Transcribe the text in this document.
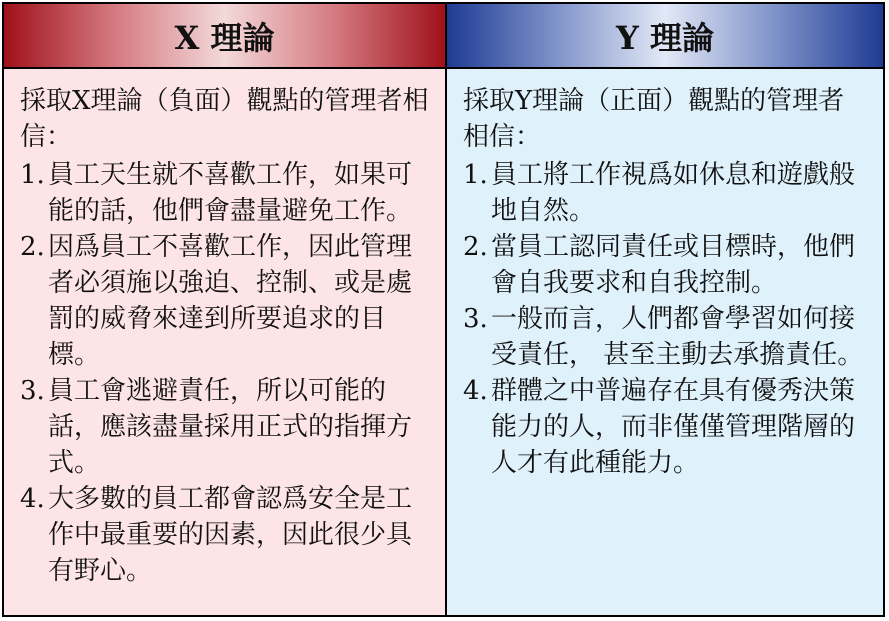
X 理論

採取X理論（負面）觀點的管理者相信：

1. 員工天生就不喜歡工作，如果可能的話，他們會盡量避免工作。
2. 因爲員工不喜歡工作，因此管理者必須施以強迫、控制、或是處罰的威脅來達到所要追求的目標。
3. 員工會逃避責任，所以可能的話，應該盡量採用正式的指揮方式。
4. 大多數的員工都會認爲安全是工作中最重要的因素，因此很少具有野心。
Y 理論

採取Y理論（正面）觀點的管理者相信：

1. 員工將工作視爲如休息和遊戲般地自然。
2. 當員工認同責任或目標時，他們會自我要求和自我控制。
3. 一般而言，人們都會學習如何接受責任， 甚至主動去承擔責任。
4. 群體之中普遍存在具有優秀決策能力的人，而非僅僅管理階層的人才有此種能力。
